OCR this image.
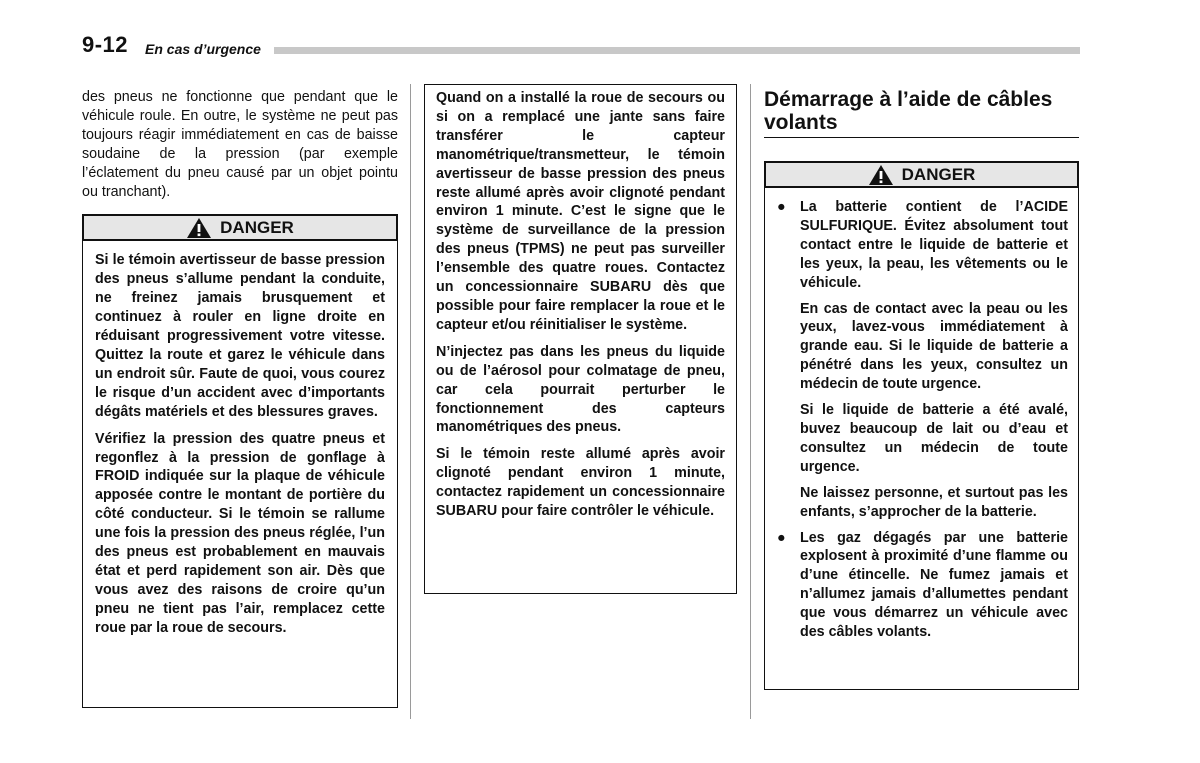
9-12 En cas d’urgence

des pneus ne fonctionne que pendant que le véhicule roule. En outre, le système ne peut pas toujours réagir immédiatement en cas de baisse soudaine de la pression (par exemple l’éclatement du pneu causé par un objet pointu ou tranchant).

DANGER

Si le témoin avertisseur de basse pression des pneus s’allume pendant la conduite, ne freinez jamais brusquement et continuez à rouler en ligne droite en réduisant progressivement votre vitesse. Quittez la route et garez le véhicule dans un endroit sûr. Faute de quoi, vous courez le risque d’un accident avec d’importants dégâts matériels et des blessures graves.

Vérifiez la pression des quatre pneus et regonflez à la pression de gonflage à FROID indiquée sur la plaque de véhicule apposée contre le montant de portière du côté conducteur. Si le témoin se rallume une fois la pression des pneus réglée, l’un des pneus est probablement en mauvais état et perd rapidement son air. Dès que vous avez des raisons de croire qu’un pneu ne tient pas l’air, remplacez cette roue par la roue de secours.

Quand on a installé la roue de secours ou si on a remplacé une jante sans faire transférer le capteur manométrique/transmetteur, le témoin avertisseur de basse pression des pneus reste allumé après avoir clignoté pendant environ 1 minute. C’est le signe que le système de surveillance de la pression des pneus (TPMS) ne peut pas surveiller l’ensemble des quatre roues. Contactez un concessionnaire SUBARU dès que possible pour faire remplacer la roue et le capteur et/ou réinitialiser le système.

N’injectez pas dans les pneus du liquide ou de l’aérosol pour colmatage de pneu, car cela pourrait perturber le fonctionnement des capteurs manométriques des pneus.

Si le témoin reste allumé après avoir clignoté pendant environ 1 minute, contactez rapidement un concessionnaire SUBARU pour faire contrôler le véhicule.

Démarrage à l’aide de câbles volants
DANGER
● La batterie contient de l’ACIDE SULFURIQUE. Évitez absolument tout contact entre le liquide de batterie et les yeux, la peau, les vêtements ou le véhicule.

En cas de contact avec la peau ou les yeux, lavez-vous immédiatement à grande eau. Si le liquide de batterie a pénétré dans les yeux, consultez un médecin de toute urgence.

Si le liquide de batterie a été avalé, buvez beaucoup de lait ou d’eau et consultez un médecin de toute urgence.

Ne laissez personne, et surtout pas les enfants, s’approcher de la batterie.

● Les gaz dégagés par une batterie explosent à proximité d’une flamme ou d’une étincelle. Ne fumez jamais et n’allumez jamais d’allumettes pendant que vous démarrez un véhicule avec des câbles volants.
